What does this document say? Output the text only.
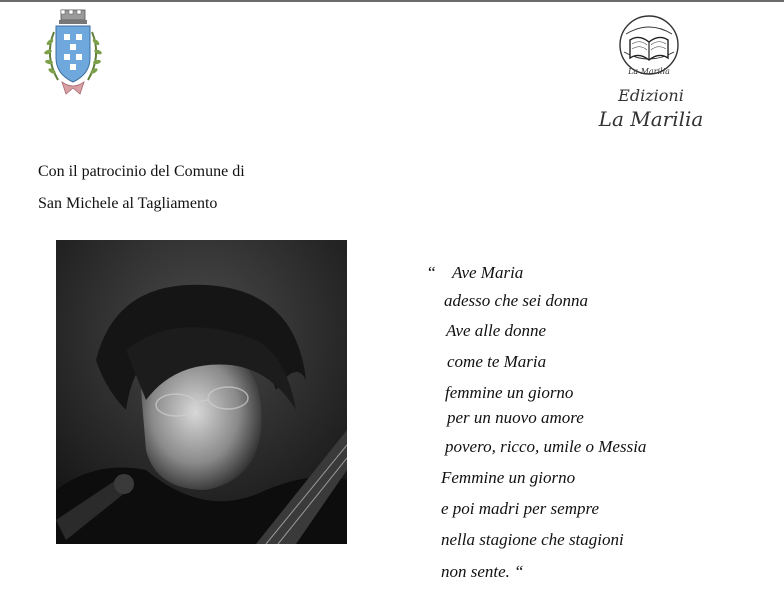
La Marilia
Edizioni
La Marilia
Con il patrocinio del Comune di
San Michele al Tagliamento
“ Ave Maria
adesso che sei donna
Ave alle donne
come te Maria
femmine un giorno
per un nuovo amore
povero, ricco, umile o Messia
Femmine un giorno
e poi madri per sempre
nella stagione che stagioni
non sente. “
